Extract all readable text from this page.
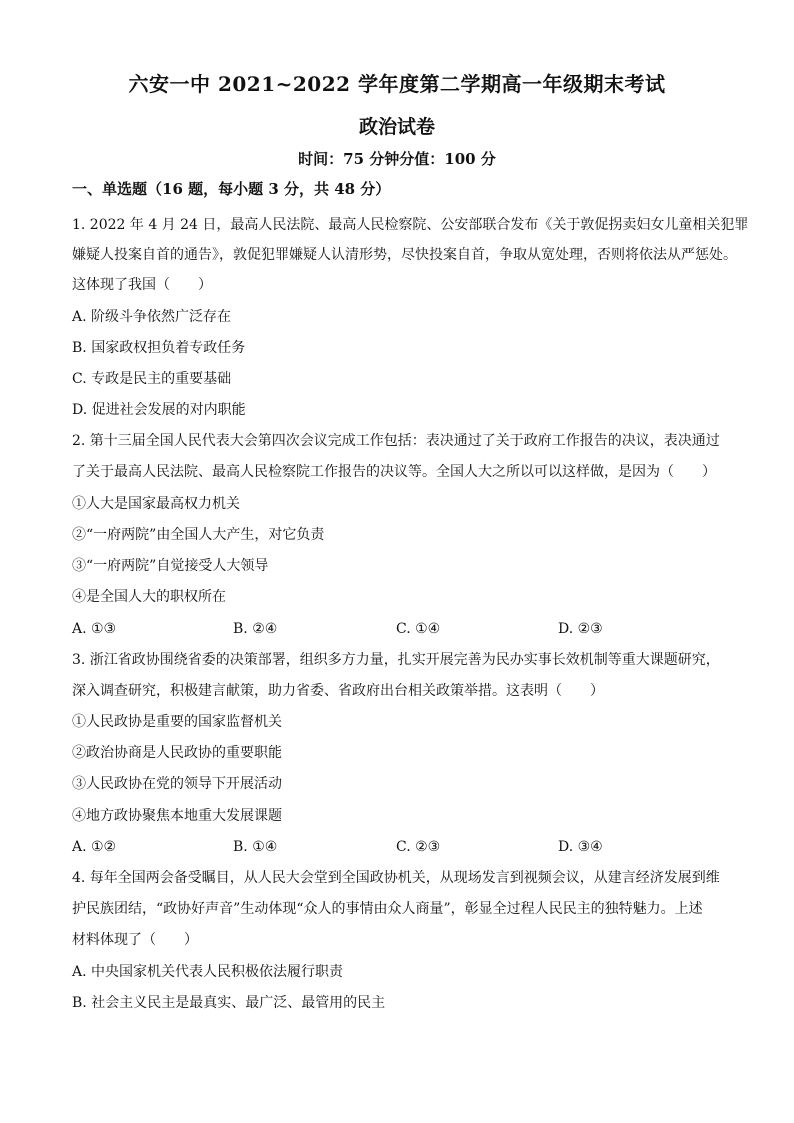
六安一中 2021~2022 学年度第二学期高一年级期末考试
政治试卷
时间：75 分钟分值：100 分
一、单选题（16 题，每小题 3 分，共 48 分）
1. 2022 年 4 月 24 日，最高人民法院、最高人民检察院、公安部联合发布《关于敦促拐卖妇女儿童相关犯罪
嫌疑人投案自首的通告》，敦促犯罪嫌疑人认清形势，尽快投案自首，争取从宽处理，否则将依法从严惩处。
这体现了我国（　　）
A. 阶级斗争依然广泛存在
B. 国家政权担负着专政任务
C. 专政是民主的重要基础
D. 促进社会发展的对内职能
2. 第十三届全国人民代表大会第四次会议完成工作包括：表决通过了关于政府工作报告的决议，表决通过
了关于最高人民法院、最高人民检察院工作报告的决议等。全国人大之所以可以这样做，是因为（　　）
①人大是国家最高权力机关
②“一府两院”由全国人大产生，对它负责
③“一府两院”自觉接受人大领导
④是全国人大的职权所在
A. ①③	B. ②④	C. ①④	D. ②③
3. 浙江省政协围绕省委的决策部署，组织多方力量，扎实开展完善为民办实事长效机制等重大课题研究，
深入调查研究，积极建言献策，助力省委、省政府出台相关政策举措。这表明（　　）
①人民政协是重要的国家监督机关
②政治协商是人民政协的重要职能
③人民政协在党的领导下开展活动
④地方政协聚焦本地重大发展课题
A. ①②	B. ①④	C. ②③	D. ③④
4. 每年全国两会备受瞩目，从人民大会堂到全国政协机关，从现场发言到视频会议，从建言经济发展到维
护民族团结，“政协好声音”生动体现“众人的事情由众人商量”，彰显全过程人民民主的独特魅力。上述
材料体现了（　　）
A. 中央国家机关代表人民积极依法履行职责
B. 社会主义民主是最真实、最广泛、最管用的民主
